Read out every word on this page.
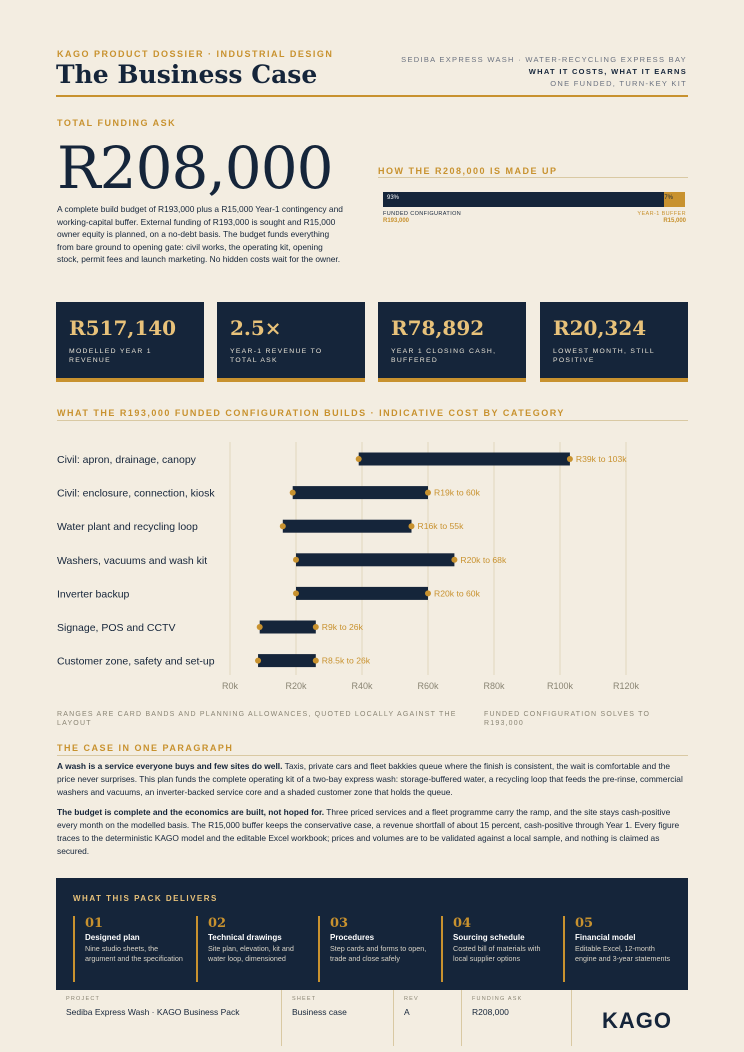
KAGO PRODUCT DOSSIER · INDUSTRIAL DESIGN
The Business Case
SEDIBA EXPRESS WASH · WATER-RECYCLING EXPRESS BAY
WHAT IT COSTS, WHAT IT EARNS
ONE FUNDED, TURN-KEY KIT
TOTAL FUNDING ASK
R208,000
A complete build budget of R193,000 plus a R15,000 Year-1 contingency and working-capital buffer. External funding of R193,000 is sought and R15,000 owner equity is planned, on a no-debt basis. The budget funds everything from bare ground to opening gate: civil works, the operating kit, opening stock, permit fees and launch marketing. No hidden costs wait for the owner.
HOW THE R208,000 IS MADE UP
93%	7%
FUNDED CONFIGURATION
R193,000
YEAR-1 BUFFER
R15,000
R517,140
MODELLED YEAR 1 REVENUE
2.5×
YEAR-1 REVENUE TO TOTAL ASK
R78,892
YEAR 1 CLOSING CASH, BUFFERED
R20,324
LOWEST MONTH, STILL POSITIVE
WHAT THE R193,000 FUNDED CONFIGURATION BUILDS · INDICATIVE COST BY CATEGORY
R0k	R20k	R40k	R60k	R80k	R100k	R120k
Civil: apron, drainage, canopy	R39k to 103k
Civil: enclosure, connection, kiosk	R19k to 60k
Water plant and recycling loop	R16k to 55k
Washers, vacuums and wash kit	R20k to 68k
Inverter backup	R20k to 60k
Signage, POS and CCTV	R9k to 26k
Customer zone, safety and set-up	R8.5k to 26k
RANGES ARE CARD BANDS AND PLANNING ALLOWANCES, QUOTED LOCALLY AGAINST THE LAYOUT
FUNDED CONFIGURATION SOLVES TO R193,000
THE CASE IN ONE PARAGRAPH
A wash is a service everyone buys and few sites do well. Taxis, private cars and fleet bakkies queue where the finish is consistent, the wait is comfortable and the price never surprises. This plan funds the complete operating kit of a two-bay express wash: storage-buffered water, a recycling loop that feeds the pre-rinse, commercial washers and vacuums, an inverter-backed service core and a shaded customer zone that holds the queue.
The budget is complete and the economics are built, not hoped for. Three priced services and a fleet programme carry the ramp, and the site stays cash-positive every month on the modelled basis. The R15,000 buffer keeps the conservative case, a revenue shortfall of about 15 percent, cash-positive through Year 1. Every figure traces to the deterministic KAGO model and the editable Excel workbook; prices and volumes are to be validated against a local sample, and nothing is claimed as secured.
WHAT THIS PACK DELIVERS
01
Designed plan
Nine studio sheets, the argument and the specification
02
Technical drawings
Site plan, elevation, kit and water loop, dimensioned
03
Procedures
Step cards and forms to open, trade and close safely
04
Sourcing schedule
Costed bill of materials with local supplier options
05
Financial model
Editable Excel, 12-month engine and 3-year statements
PROJECT
Sediba Express Wash · KAGO Business Pack
SHEET
Business case
REV
A
FUNDING ASK
R208,000	KAGO
